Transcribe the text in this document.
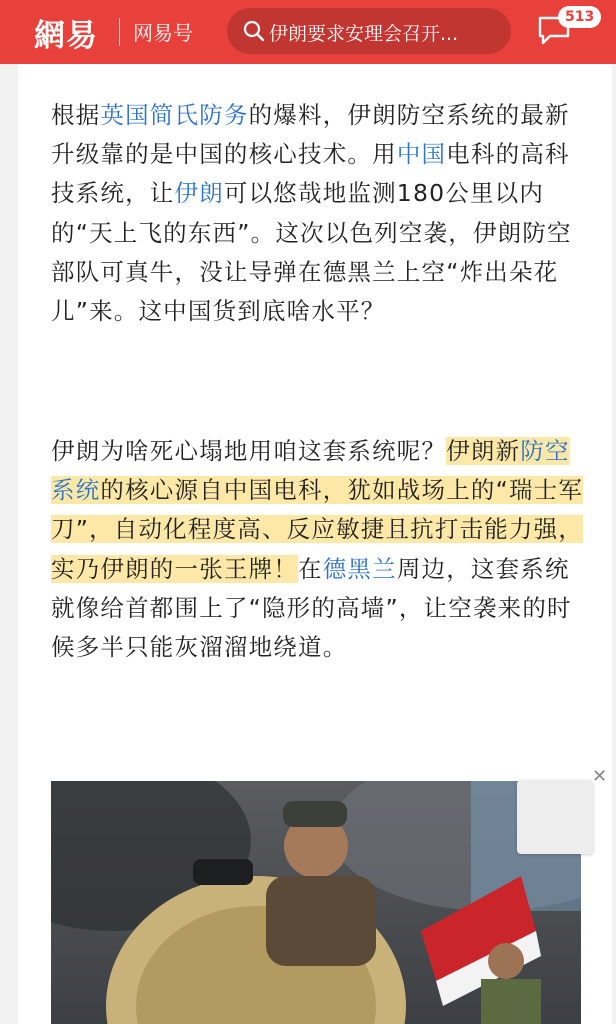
網易 网易号	伊朗要求安理会召开...
513

根据英国简氏防务的爆料，伊朗防空系统的最新升级靠的是中国的核心技术。用中国电科的高科技系统，让伊朗可以悠哉地监测180公里以内的“天上飞的东西”。这次以色列空袭，伊朗防空部队可真牛，没让导弹在德黑兰上空“炸出朵花儿”来。这中国货到底啥水平？

伊朗为啥死心塌地用咱这套系统呢？伊朗新防空系统的核心源自中国电科，犹如战场上的“瑞士军刀”，自动化程度高、反应敏捷且抗打击能力强，实乃伊朗的一张王牌！在德黑兰周边，这套系统就像给首都围上了“隐形的高墙”，让空袭来的时候多半只能灰溜溜地绕道。

✕
